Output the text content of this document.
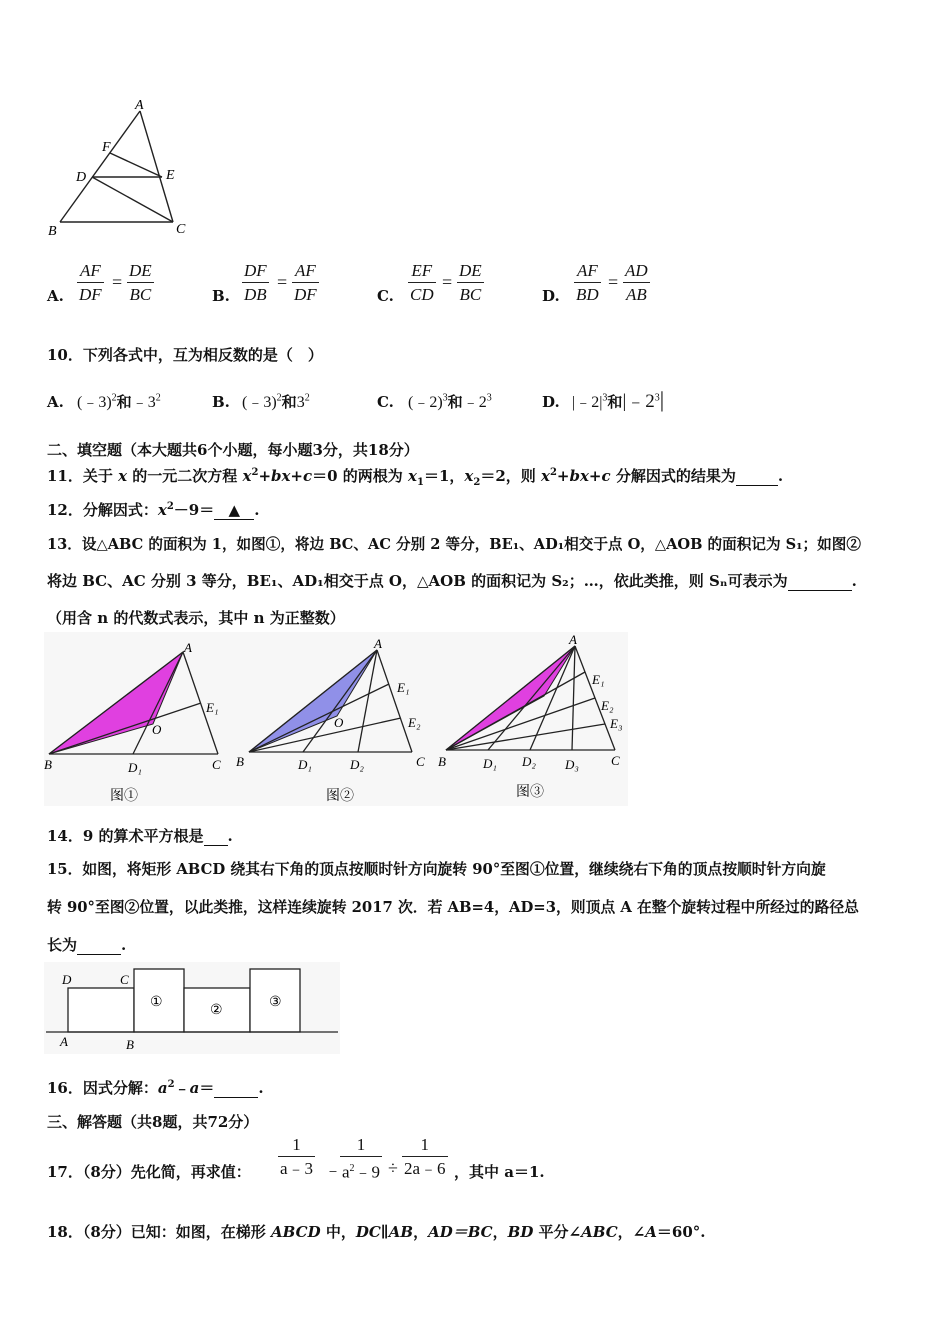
A
F
D	E
B	C
A. $\frac{AF}{DF} = \frac{DE}{BC}$	B. $\frac{DF}{DB} = \frac{AF}{DF}$	C. $\frac{EF}{CD} = \frac{DE}{BC}$	D. $\frac{AF}{BD} = \frac{AD}{AB}$
10．下列各式中，互为相反数的是（　）
A. (﹣3)$^2$和$﹣3^2$	B. (﹣3)$^2$和$3^2$	C. (﹣2)$^3$和$﹣2^3$	D. $|﹣2|^3$和$|﹣2^3|$
二、填空题（本大题共6个小题，每小题3分，共18分）
11．关于 x 的一元二次方程 $x^2+bx+c=0$ 的两根为 $x_1=1$，$x_2=2$，则 $x^2+bx+c$ 分解因式的结果为	.
12．分解因式：$x^2-9=$ ▲ .
13．设△ABC 的面积为 1，如图①，将边 BC、AC 分别 2 等分，BE₁、AD₁相交于点 O，△AOB 的面积记为 S₁；如图②
将边 BC、AC 分别 3 等分，BE₁、AD₁相交于点 O，△AOB 的面积记为 S₂；…，依此类推，则 Sₙ可表示为	.
（用含 n 的代数式表示，其中 n 为正整数）
A
O
E₁
B	D₁	C
图①
A
O
E₁
E₂
B	D₁	D₂	C
图②
A
E₁
E₂
E₃
B	D₁ D₂ D₃ C
图③
14．9 的算术平方根是 .
15．如图，将矩形 ABCD 绕其右下角的顶点按顺时针方向旋转 90°至图①位置，继续绕右下角的顶点按顺时针方向旋
转 90°至图②位置，以此类推，这样连续旋转 2017 次．若 AB=4，AD=3，则顶点 A 在整个旋转过程中所经过的路径总
长为	.
D	C
A	B
①
②
③
16．因式分解：$a^2﹣a=$	.
三、解答题（共8题，共72分）
17．（8分）先化简，再求值： $\frac{1}{a﹣3}$ ﹣
$\frac{1}{a^2﹣9} \div \frac{1}{2a﹣6}$ ，其中 a＝1.
18．（8分）已知：如图，在梯形 ABCD 中，DC∥AB，AD＝BC，BD 平分∠ABC，∠A＝60°.
